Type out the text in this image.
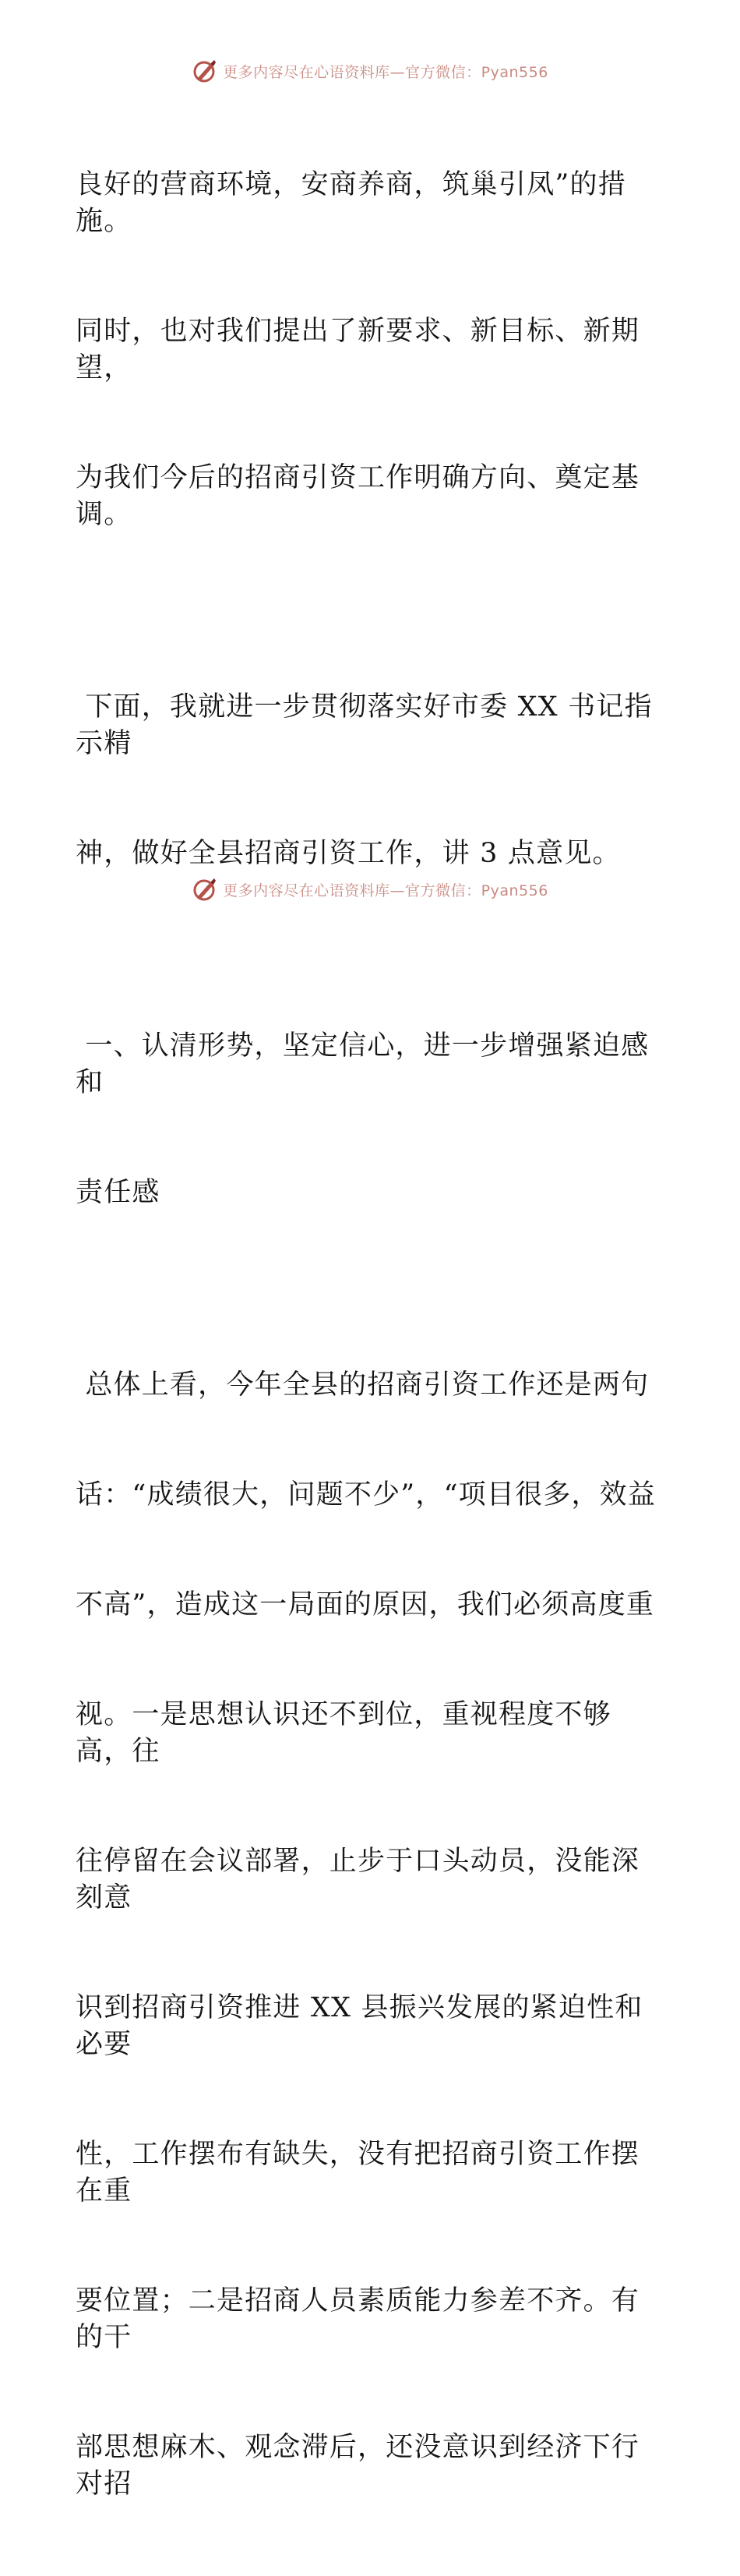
更多内容尽在心语资料库—官方微信：Pyan556

良好的营商环境，安商养商，筑巢引凤”的措施。

同时，也对我们提出了新要求、新目标、新期望，

为我们今后的招商引资工作明确方向、奠定基调。

下面，我就进一步贯彻落实好市委 XX 书记指示精

神，做好全县招商引资工作，讲 3 点意见。

一、认清形势，坚定信心，进一步增强紧迫感和

责任感

总体上看，今年全县的招商引资工作还是两句

话：“成绩很大，问题不少”，“项目很多，效益

不高”，造成这一局面的原因，我们必须高度重

视。一是思想认识还不到位，重视程度不够高，往

往停留在会议部署，止步于口头动员，没能深刻意

识到招商引资推进 XX 县振兴发展的紧迫性和必要

性，工作摆布有缺失，没有把招商引资工作摆在重

要位置；二是招商人员素质能力参差不齐。有的干

部思想麻木、观念滞后，还没意识到经济下行对招

更多内容尽在心语资料库—官方微信：Pyan556
